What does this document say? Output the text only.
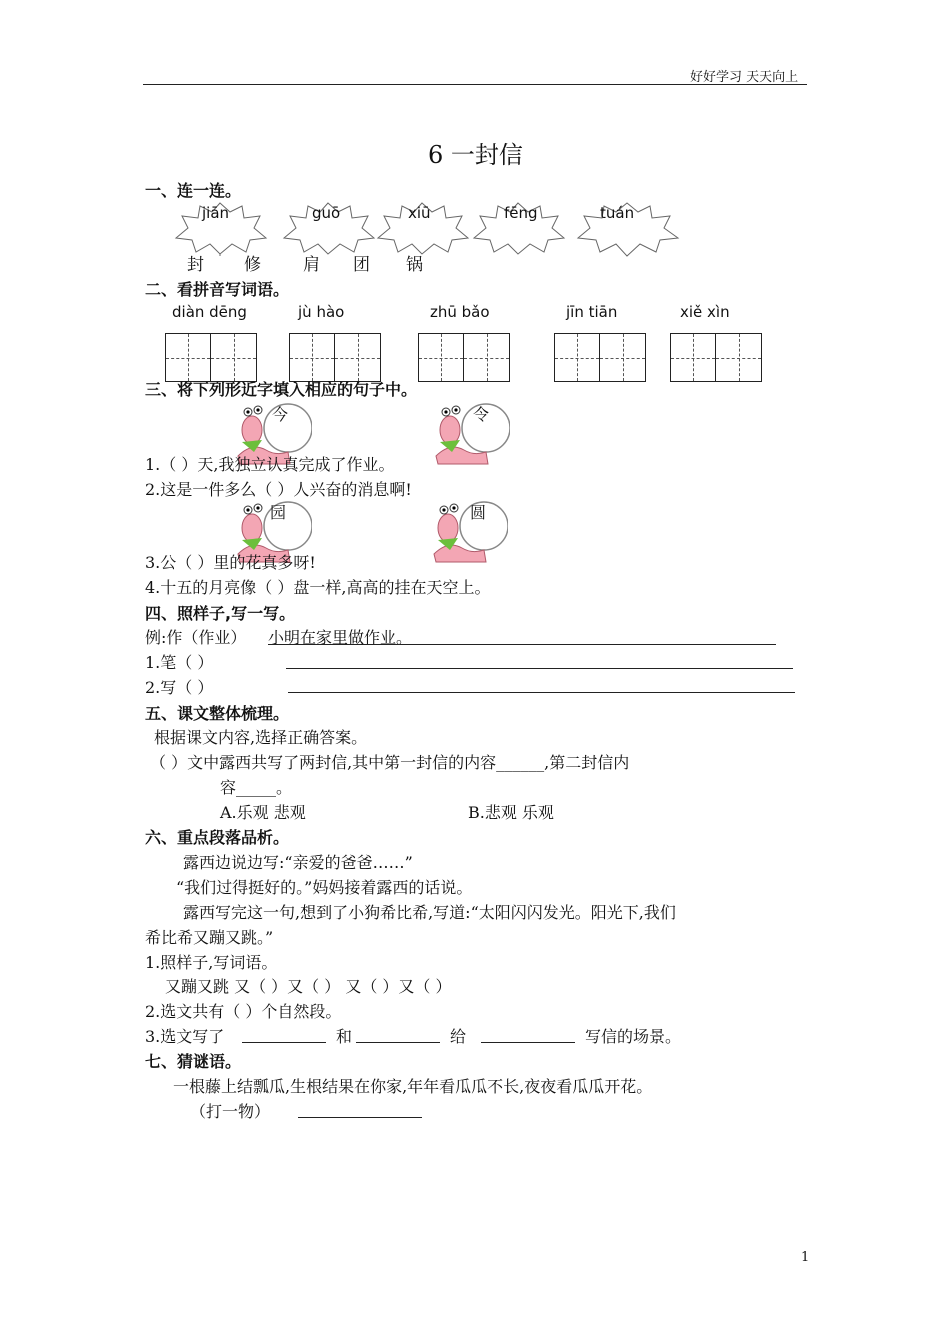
好好学习 天天向上
6 一封信
一、连一连。
jiān	guō	xiū	fēng	tuán
封 修 肩 团 锅
二、看拼音写词语。
diàn dēng	jù hào	zhū bǎo	jīn tiān	xiě xìn
三、将下列形近字填入相应的句子中。
今	令
1.（ ）天,我独立认真完成了作业。
2.这是一件多么（ ）人兴奋的消息啊!
园	圆
3.公（ ）里的花真多呀!
4.十五的月亮像（ ）盘一样,高高的挂在天空上。
四、照样子,写一写。
例:作（作业） 小明在家里做作业。
1.笔（ ）
2.写（ ）
五、课文整体梳理。
根据课文内容,选择正确答案。
（ ）文中露西共写了两封信,其中第一封信的内容______,第二封信内
容_____。
A.乐观 悲观	B.悲观 乐观
六、重点段落品析。
露西边说边写:“亲爱的爸爸……”
“我们过得挺好的。”妈妈接着露西的话说。
露西写完这一句,想到了小狗希比希,写道:“太阳闪闪发光。阳光下,我们
希比希又蹦又跳。”
1.照样子,写词语。
又蹦又跳 又（ ）又（ ） 又（ ）又（ ）
2.选文共有（ ）个自然段。
3.选文写了	和	给	写信的场景。
七、猜谜语。
一根藤上结瓢瓜,生根结果在你家,年年看瓜瓜不长,夜夜看瓜瓜开花。
（打一物）
1
